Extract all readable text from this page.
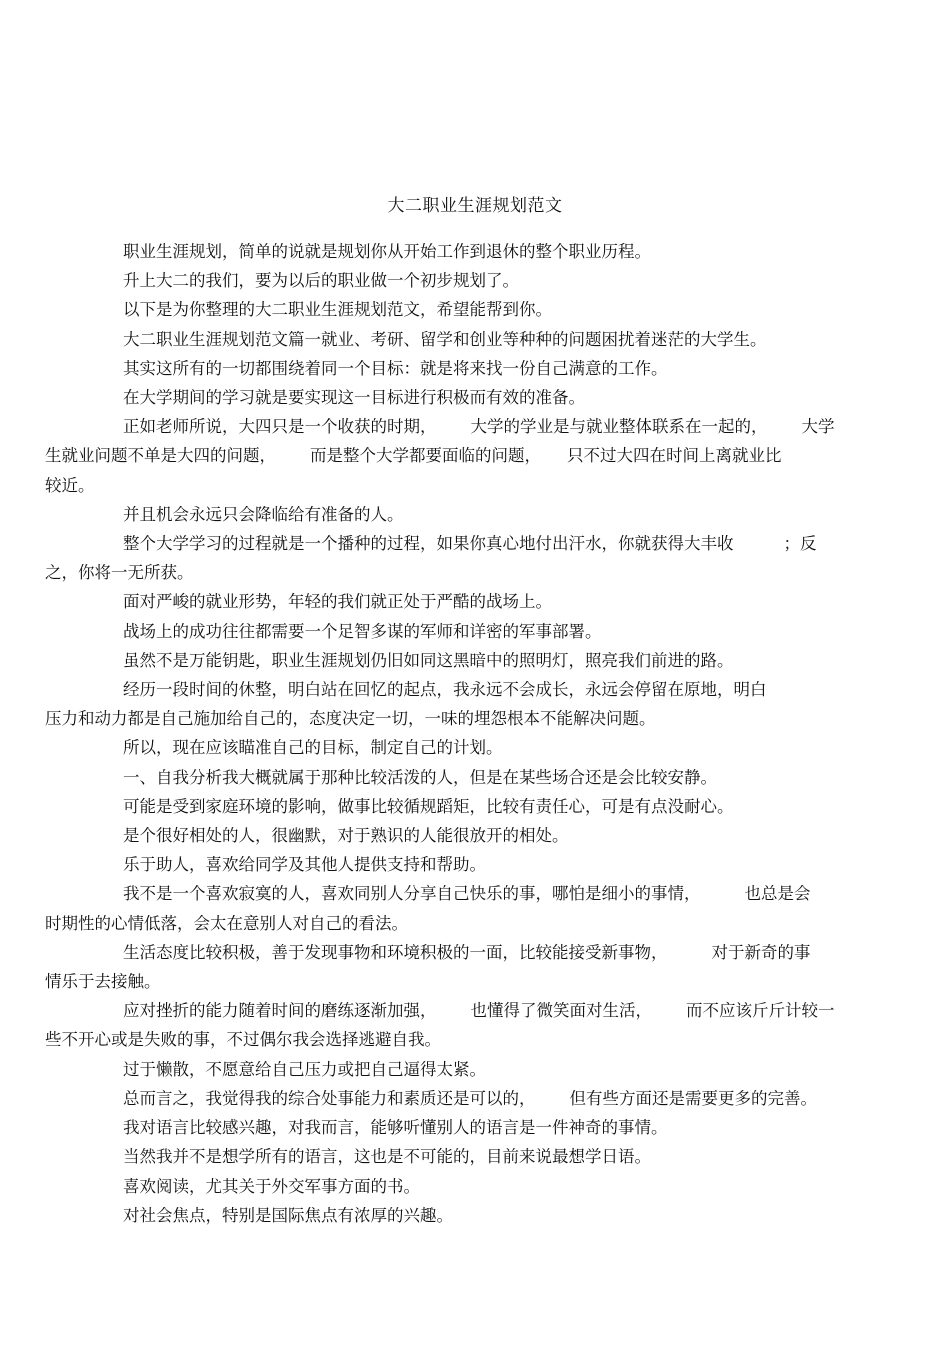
大二职业生涯规划范文

职业生涯规划，简单的说就是规划你从开始工作到退休的整个职业历程。

升上大二的我们，要为以后的职业做一个初步规划了。

以下是为你整理的大二职业生涯规划范文，希望能帮到你。

大二职业生涯规划范文篇一就业、考研、留学和创业等种种的问题困扰着迷茫的大学生。

其实这所有的一切都围绕着同一个目标：就是将来找一份自己满意的工作。

在大学期间的学习就是要实现这一目标进行积极而有效的准备。

正如老师所说，大四只是一个收获的时期， 大学的学业是与就业整体联系在一起的， 大学
生就业问题不单是大四的问题， 而是整个大学都要面临的问题， 只不过大四在时间上离就业比
较近。

并且机会永远只会降临给有准备的人。

整个大学学习的过程就是一个播种的过程，如果你真心地付出汗水，你就获得大丰收	；反
之，你将一无所获。

面对严峻的就业形势，年轻的我们就正处于严酷的战场上。

战场上的成功往往都需要一个足智多谋的军师和详密的军事部署。

虽然不是万能钥匙，职业生涯规划仍旧如同这黑暗中的照明灯，照亮我们前进的路。

经历一段时间的休整，明白站在回忆的起点，我永远不会成长，永远会停留在原地，明白
压力和动力都是自己施加给自己的，态度决定一切，一味的埋怨根本不能解决问题。

所以，现在应该瞄准自己的目标，制定自己的计划。

一、自我分析我大概就属于那种比较活泼的人，但是在某些场合还是会比较安静。

可能是受到家庭环境的影响，做事比较循规蹈矩，比较有责任心，可是有点没耐心。

是个很好相处的人，很幽默，对于熟识的人能很放开的相处。

乐于助人，喜欢给同学及其他人提供支持和帮助。

我不是一个喜欢寂寞的人，喜欢同别人分享自己快乐的事，哪怕是细小的事情，	也总是会
时期性的心情低落，会太在意别人对自己的看法。

生活态度比较积极，善于发现事物和环境积极的一面，比较能接受新事物，	对于新奇的事
情乐于去接触。

应对挫折的能力随着时间的磨练逐渐加强， 也懂得了微笑面对生活， 而不应该斤斤计较一
些不开心或是失败的事，不过偶尔我会选择逃避自我。

过于懒散，不愿意给自己压力或把自己逼得太紧。

总而言之，我觉得我的综合处事能力和素质还是可以的， 但有些方面还是需要更多的完善。

我对语言比较感兴趣，对我而言，能够听懂别人的语言是一件神奇的事情。

当然我并不是想学所有的语言，这也是不可能的，目前来说最想学日语。

喜欢阅读，尤其关于外交军事方面的书。

对社会焦点，特别是国际焦点有浓厚的兴趣。
